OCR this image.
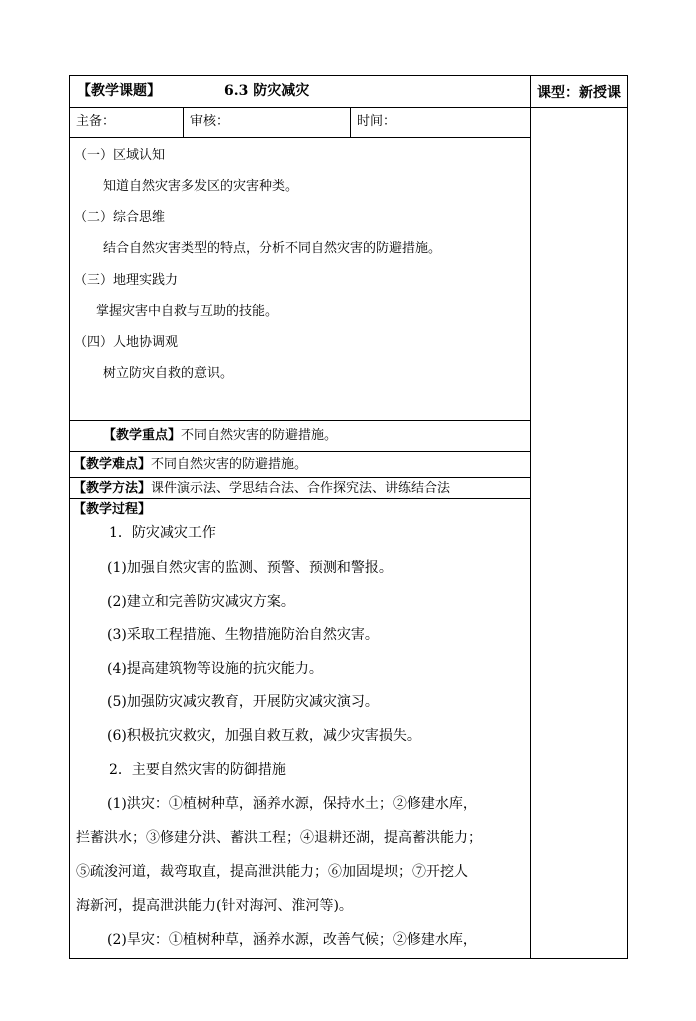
【教学课题】	6.3 防灾减灾	课型：新授课
主备：	审核：	时间：
（一）区域认知
知道自然灾害多发区的灾害种类。
（二）综合思维
结合自然灾害类型的特点，分析不同自然灾害的防避措施。
（三）地理实践力
掌握灾害中自救与互助的技能。
（四）人地协调观
树立防灾自救的意识。
【教学重点】 不同自然灾害的防避措施。
【教学难点】 不同自然灾害的防避措施。
【教学方法】 课件演示法、学思结合法、合作探究法、讲练结合法
【教学过程】
1．防灾减灾工作
(1)加强自然灾害的监测、预警、预测和警报。
(2)建立和完善防灾减灾方案。
(3)采取工程措施、生物措施防治自然灾害。
(4)提高建筑物等设施的抗灾能力。
(5)加强防灾减灾教育，开展防灾减灾演习。
(6)积极抗灾救灾，加强自救互救，减少灾害损失。
2．主要自然灾害的防御措施
(1)洪灾：①植树种草，涵养水源，保持水土；②修建水库，
拦蓄洪水；③修建分洪、蓄洪工程；④退耕还湖，提高蓄洪能力；
⑤疏浚河道，裁弯取直，提高泄洪能力；⑥加固堤坝；⑦开挖人
海新河，提高泄洪能力(针对海河、淮河等)。
(2)旱灾：①植树种草，涵养水源，改善气候；②修建水库，
